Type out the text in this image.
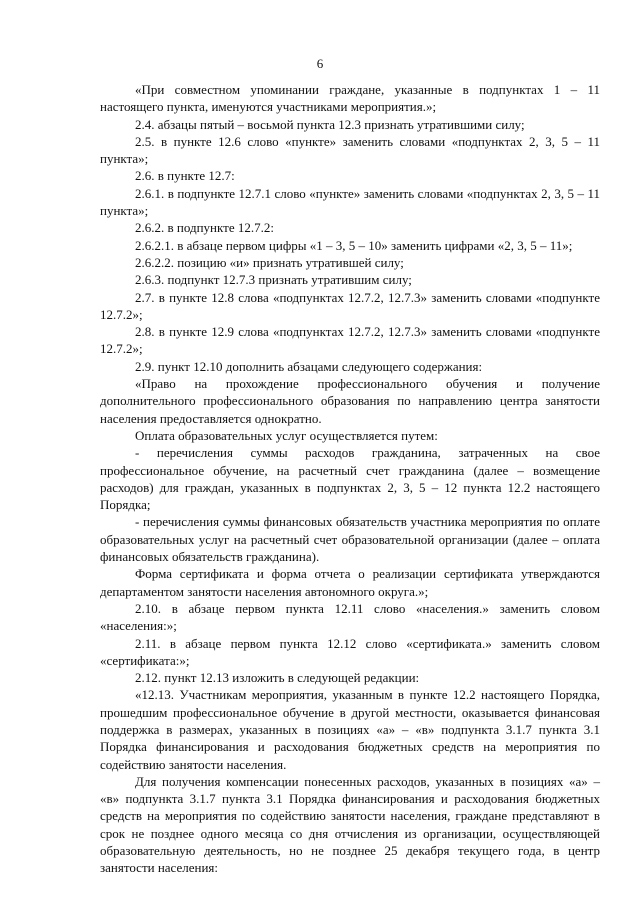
6

«При совместном упоминании граждане, указанные в подпунктах 1 – 11 настоящего пункта, именуются участниками мероприятия.»;

2.4. абзацы пятый – восьмой пункта 12.3 признать утратившими силу;

2.5. в пункте 12.6 слово «пункте» заменить словами «подпунктах 2, 3, 5 – 11 пункта»;

2.6. в пункте 12.7:

2.6.1. в подпункте 12.7.1 слово «пункте» заменить словами «подпунктах 2, 3, 5 – 11 пункта»;

2.6.2. в подпункте 12.7.2:

2.6.2.1. в абзаце первом цифры «1 – 3, 5 – 10» заменить цифрами «2, 3, 5 – 11»;

2.6.2.2. позицию «и» признать утратившей силу;

2.6.3. подпункт 12.7.3 признать утратившим силу;

2.7. в пункте 12.8 слова «подпунктах 12.7.2, 12.7.3» заменить словами «подпункте 12.7.2»;

2.8. в пункте 12.9 слова «подпунктах 12.7.2, 12.7.3» заменить словами «подпункте 12.7.2»;

2.9. пункт 12.10 дополнить абзацами следующего содержания:

«Право на прохождение профессионального обучения и получение дополнительного профессионального образования по направлению центра занятости населения предоставляется однократно.

Оплата образовательных услуг осуществляется путем:

- перечисления суммы расходов гражданина, затраченных на свое профессиональное обучение, на расчетный счет гражданина (далее – возмещение расходов) для граждан, указанных в подпунктах 2, 3, 5 – 12 пункта 12.2 настоящего Порядка;

- перечисления суммы финансовых обязательств участника мероприятия по оплате образовательных услуг на расчетный счет образовательной организации (далее – оплата финансовых обязательств гражданина).

Форма сертификата и форма отчета о реализации сертификата утверждаются департаментом занятости населения автономного округа.»;

2.10. в абзаце первом пункта 12.11 слово «населения.» заменить словом «населения:»;

2.11. в абзаце первом пункта 12.12 слово «сертификата.» заменить словом «сертификата:»;

2.12. пункт 12.13 изложить в следующей редакции:

«12.13. Участникам мероприятия, указанным в пункте 12.2 настоящего Порядка, прошедшим профессиональное обучение в другой местности, оказывается финансовая поддержка в размерах, указанных в позициях «а» – «в» подпункта 3.1.7 пункта 3.1 Порядка финансирования и расходования бюджетных средств на мероприятия по содействию занятости населения.

Для получения компенсации понесенных расходов, указанных в позициях «а» – «в» подпункта 3.1.7 пункта 3.1 Порядка финансирования и расходования бюджетных средств на мероприятия по содействию занятости населения, граждане представляют в срок не позднее одного месяца со дня отчисления из организации, осуществляющей образовательную деятельность, но не позднее 25 декабря текущего года, в центр занятости населения:
